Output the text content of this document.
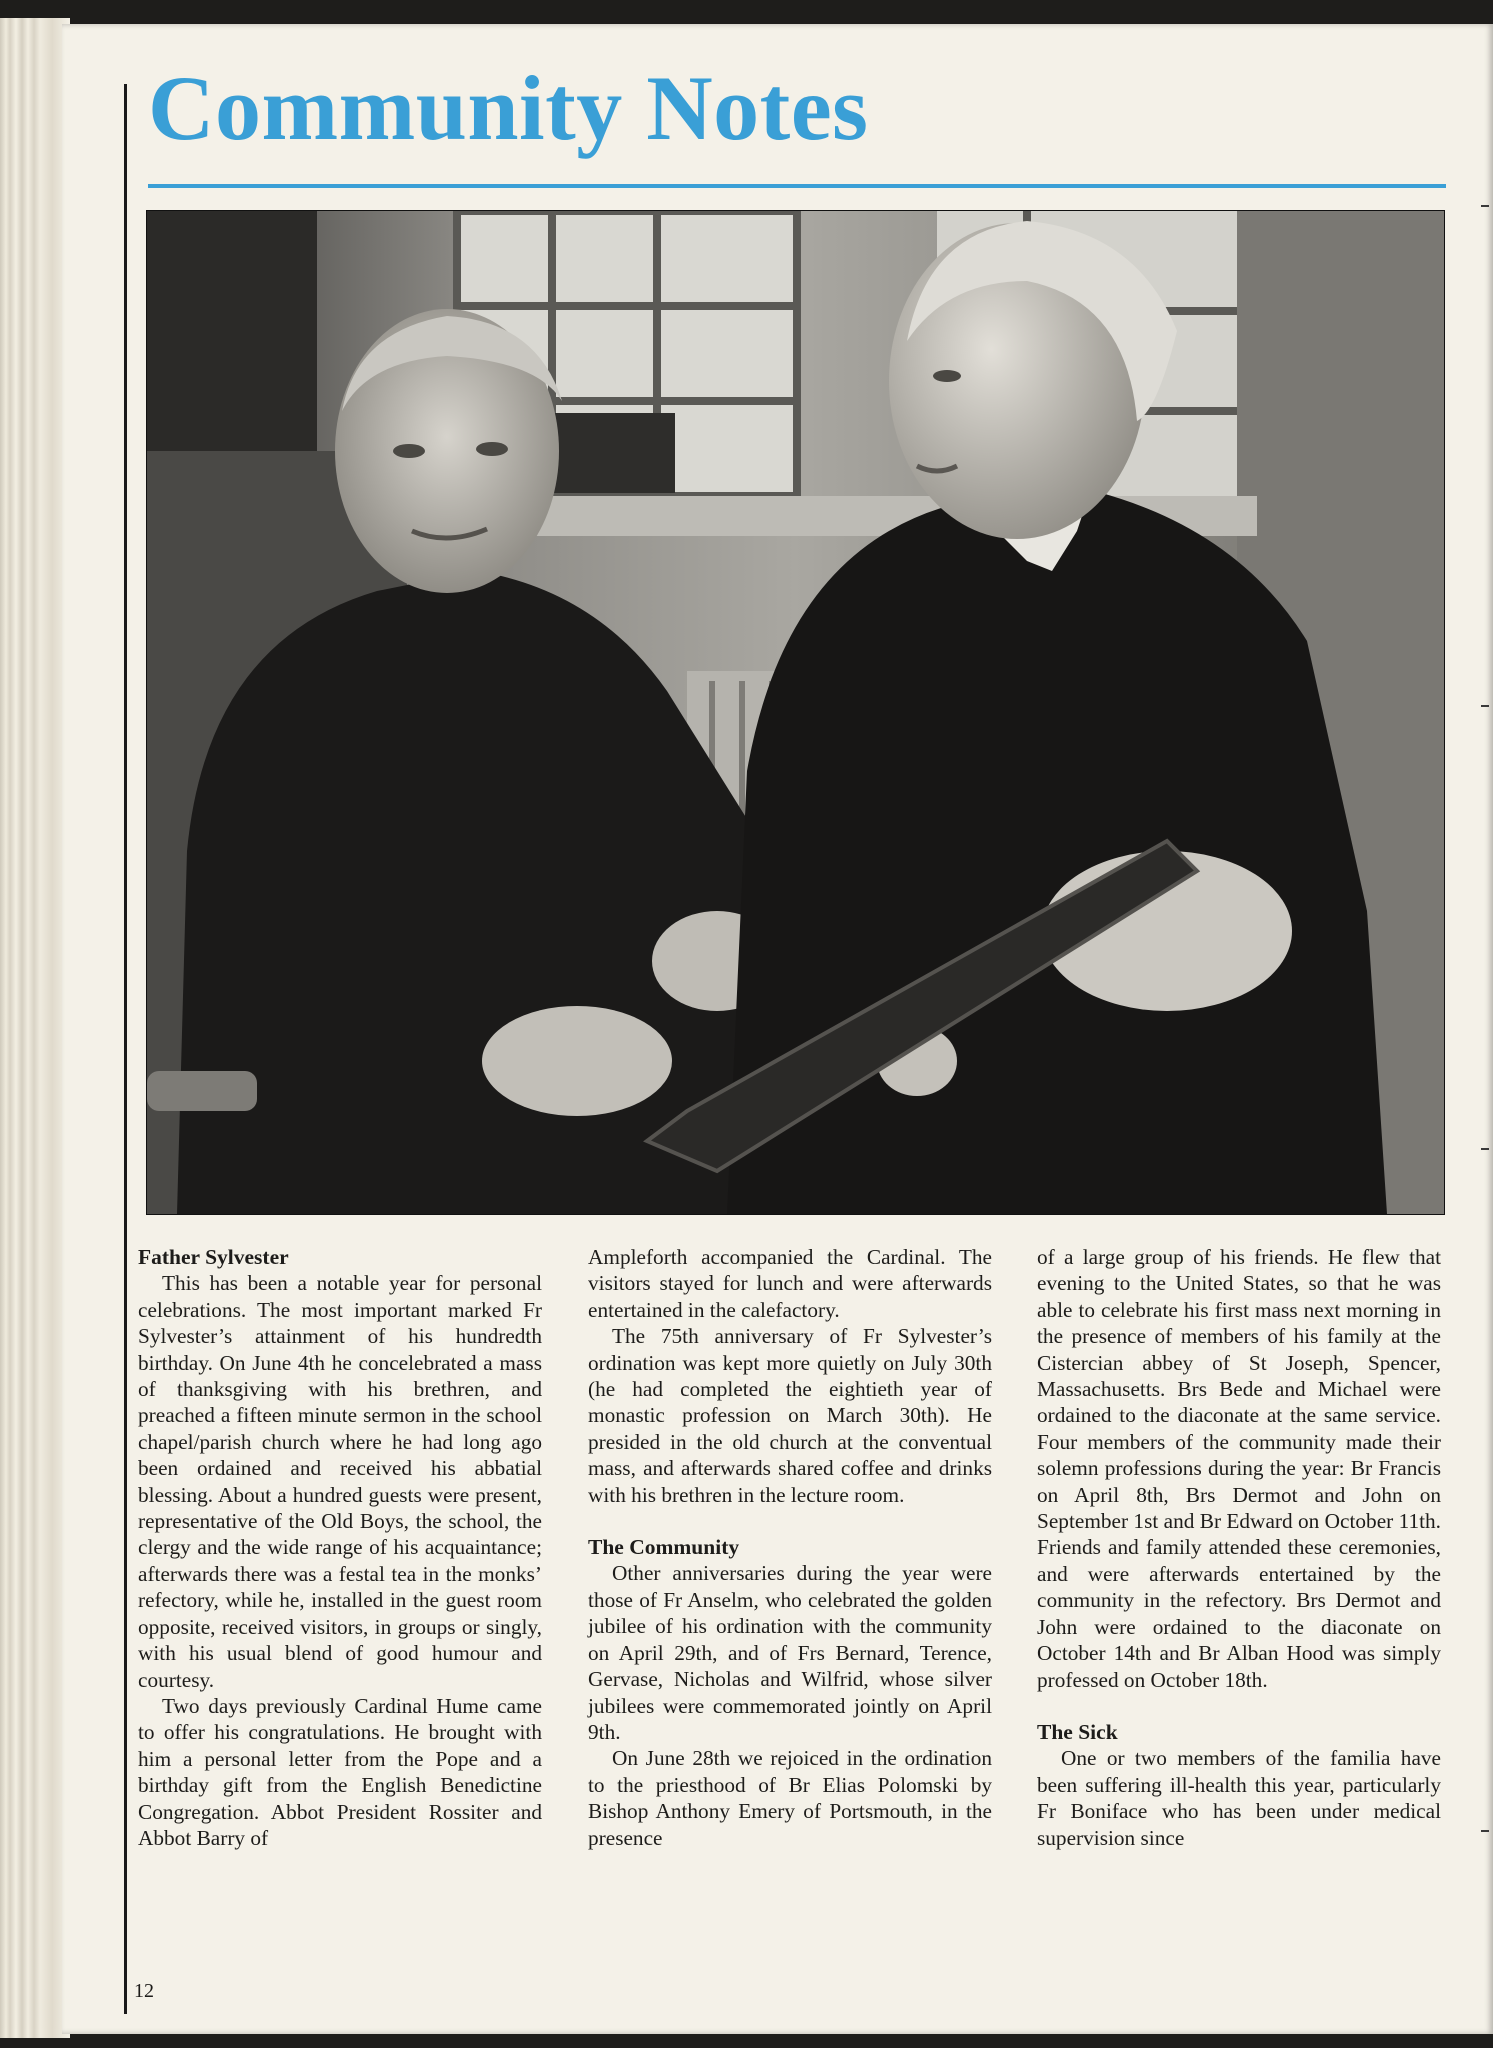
Community Notes
Father Sylvester

This has been a notable year for personal celebrations. The most important marked Fr Sylvester’s attainment of his hundredth birthday. On June 4th he concelebrated a mass of thanksgiving with his brethren, and preached a fifteen minute sermon in the school chapel/parish church where he had long ago been ordained and received his abbatial blessing. About a hundred guests were present, representative of the Old Boys, the school, the clergy and the wide range of his acquaintance; afterwards there was a festal tea in the monks’ refectory, while he, installed in the guest room opposite, received visitors, in groups or singly, with his usual blend of good humour and courtesy.

Two days previously Cardinal Hume came to offer his congratulations. He brought with him a personal letter from the Pope and a birthday gift from the English Benedictine Congregation. Abbot President Rossiter and Abbot Barry of

Ampleforth accompanied the Cardinal. The visitors stayed for lunch and were afterwards entertained in the calefactory.

The 75th anniversary of Fr Sylvester’s ordination was kept more quietly on July 30th (he had completed the eightieth year of monastic profession on March 30th). He presided in the old church at the conventual mass, and afterwards shared coffee and drinks with his brethren in the lecture room.

The Community

Other anniversaries during the year were those of Fr Anselm, who celebrated the golden jubilee of his ordination with the community on April 29th, and of Frs Bernard, Terence, Gervase, Nicholas and Wilfrid, whose silver jubilees were commemorated jointly on April 9th.

On June 28th we rejoiced in the ordination to the priesthood of Br Elias Polomski by Bishop Anthony Emery of Portsmouth, in the presence

of a large group of his friends. He flew that evening to the United States, so that he was able to celebrate his first mass next morning in the presence of members of his family at the Cistercian abbey of St Joseph, Spencer, Massachusetts. Brs Bede and Michael were ordained to the diaconate at the same service. Four members of the community made their solemn professions during the year: Br Francis on April 8th, Brs Dermot and John on September 1st and Br Edward on October 11th. Friends and family attended these ceremonies, and were afterwards entertained by the community in the refectory. Brs Dermot and John were ordained to the diaconate on October 14th and Br Alban Hood was simply professed on October 18th.

The Sick

One or two members of the familia have been suffering ill-health this year, particularly Fr Boniface who has been under medical supervision since

12
